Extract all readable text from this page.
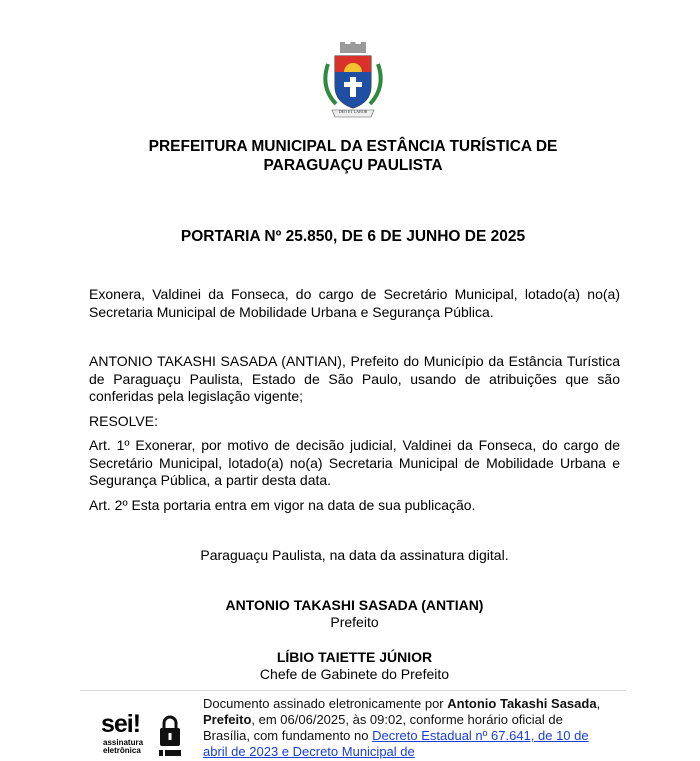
DEO ET LABOR
PREFEITURA MUNICIPAL DA ESTÂNCIA TURÍSTICA DE
PARAGUAÇU PAULISTA
PORTARIA Nº 25.850, DE 6 DE JUNHO DE 2025

Exonera, Valdinei da Fonseca, do cargo de Secretário Municipal, lotado(a) no(a) Secretaria Municipal de Mobilidade Urbana e Segurança Pública.

ANTONIO TAKASHI SASADA (ANTIAN), Prefeito do Município da Estância Turística de Paraguaçu Paulista, Estado de São Paulo, usando de atribuições que são conferidas pela legislação vigente;

RESOLVE:

Art. 1º Exonerar, por motivo de decisão judicial, Valdinei da Fonseca, do cargo de Secretário Municipal, lotado(a) no(a) Secretaria Municipal de Mobilidade Urbana e Segurança Pública, a partir desta data.

Art. 2º Esta portaria entra em vigor na data de sua publicação.

Paraguaçu Paulista, na data da assinatura digital.
ANTONIO TAKASHI SASADA (ANTIAN)
Prefeito
LÍBIO TAIETTE JÚNIOR
Chefe de Gabinete do Prefeito
sei!
assinatura
eletrônica
Documento assinado eletronicamente por Antonio Takashi Sasada, Prefeito, em 06/06/2025, às 09:02, conforme horário oficial de Brasília, com fundamento no Decreto Estadual nº 67.641, de 10 de abril de 2023 e Decreto Municipal de
